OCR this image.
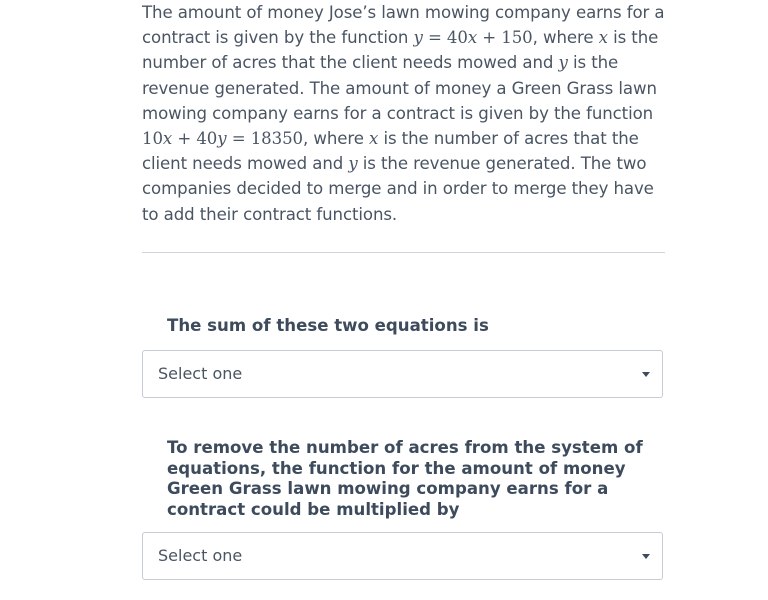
The amount of money Jose’s lawn mowing company earns for a contract is given by the function y = 40x + 150, where x is the number of acres that the client needs mowed and y is the revenue generated. The amount of money a Green Grass lawn mowing company earns for a contract is given by the function 10x + 40y = 18350, where x is the number of acres that the client needs mowed and y is the revenue generated. The two companies decided to merge and in order to merge they have to add their contract functions.

The sum of these two equations is
Select one
To remove the number of acres from the system of equations, the function for the amount of money Green Grass lawn mowing company earns for a contract could be multiplied by
Select one
